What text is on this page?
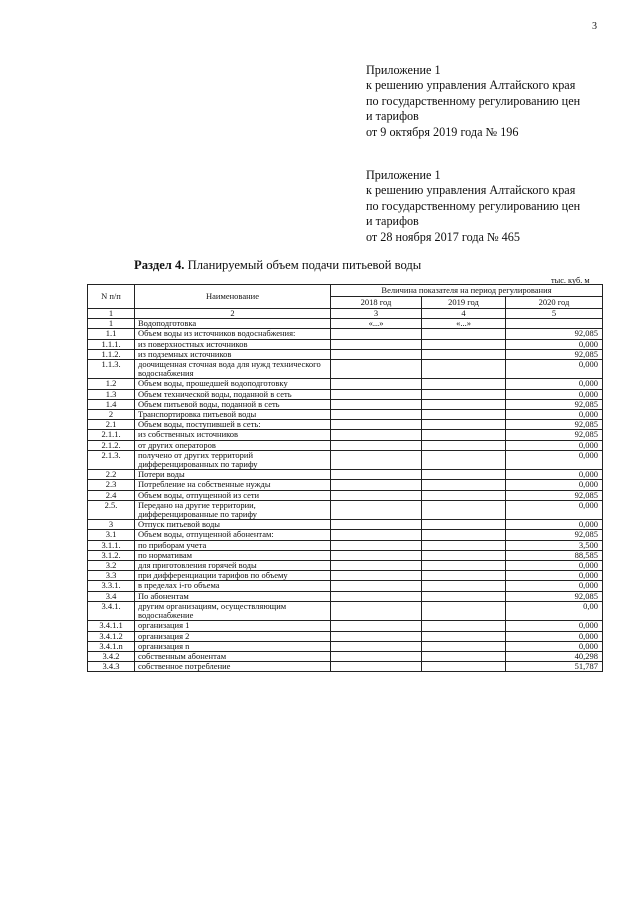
3
Приложение 1
к решению управления Алтайского края
по государственному регулированию цен
и тарифов
от 9 октября 2019 года № 196
Приложение 1
к решению управления Алтайского края
по государственному регулированию цен
и тарифов
от 28 ноября 2017 года № 465
Раздел 4. Планируемый объем подачи питьевой воды
тыс. куб. м
N п/п	Наименование	Величина показателя на период регулирования		
		2018 год	2019 год	2020 год
1	2	3	4	5
1	Водоподготовка	«...»	«...»	
1.1	Объем воды из источников водоснабжения:			92,085
1.1.1.	из поверхностных источников			0,000
1.1.2.	из подземных источников			92,085
1.1.3.	доочищенная сточная вода для нужд технического водоснабжения			0,000
1.2	Объем воды, прошедшей водоподготовку			0,000
1.3	Объем технической воды, поданной в сеть			0,000
1.4	Объем питьевой воды, поданной в сеть			92,085
2	Транспортировка питьевой воды			0,000
2.1	Объем воды, поступившей в сеть:			92,085
2.1.1.	из собственных источников			92,085
2.1.2.	от других операторов			0,000
2.1.3.	получено от других территорий дифференцированных по тарифу			0,000
2.2	Потери воды			0,000
2.3	Потребление на собственные нужды			0,000
2.4	Объем воды, отпущенной из сети			92,085
2.5.	Передано на другие территории, дифференцированные по тарифу			0,000
3	Отпуск питьевой воды			0,000
3.1	Объем воды, отпущенной абонентам:			92,085
3.1.1.	по приборам учета			3,500
3.1.2.	по нормативам			88,585
3.2	для приготовления горячей воды			0,000
3.3	при дифференциации тарифов по объему			0,000
3.3.1.	в пределах i-го объема			0,000
3.4	По абонентам			92,085
3.4.1.	другим организациям, осуществляющим водоснабжение			0,00
3.4.1.1	организация 1			0,000
3.4.1.2	организация 2			0,000
3.4.1.n	организация n			0,000
3.4.2	собственным абонентам			40,298
3.4.3	собственное потребление			51,787
